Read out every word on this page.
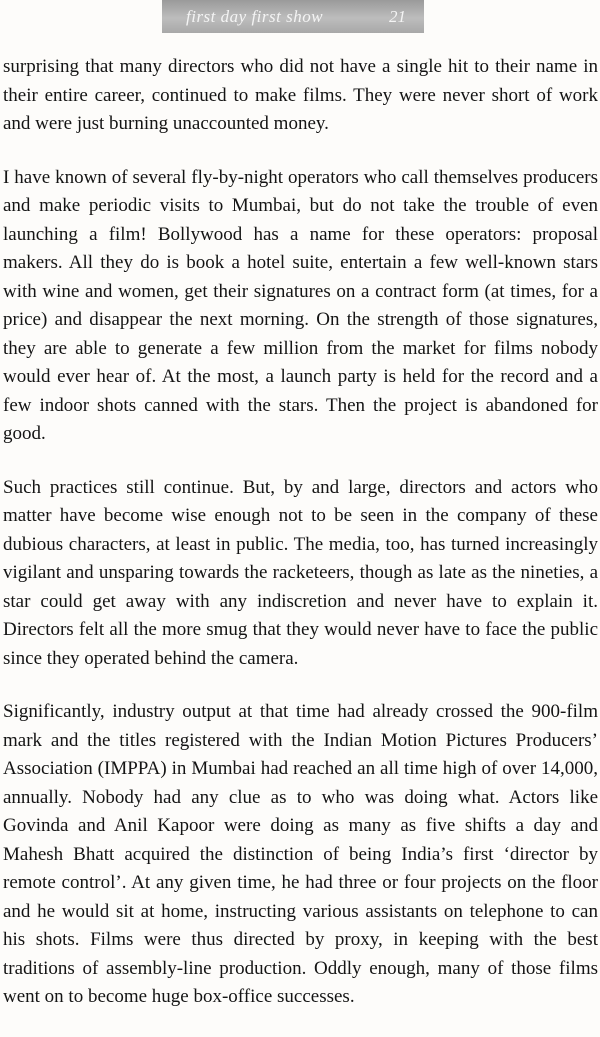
first day first show	21

surprising that many directors who did not have a single hit to their name in their entire career, continued to make films. They were never short of work and were just burning unaccounted money.

I have known of several fly-by-night operators who call themselves producers and make periodic visits to Mumbai, but do not take the trouble of even launching a film! Bollywood has a name for these operators: proposal makers. All they do is book a hotel suite, entertain a few well-known stars with wine and women, get their signatures on a contract form (at times, for a price) and disappear the next morning. On the strength of those signatures, they are able to generate a few million from the market for films nobody would ever hear of. At the most, a launch party is held for the record and a few indoor shots canned with the stars. Then the project is abandoned for good.

Such practices still continue. But, by and large, directors and actors who matter have become wise enough not to be seen in the company of these dubious characters, at least in public. The media, too, has turned increasingly vigilant and unsparing towards the racketeers, though as late as the nineties, a star could get away with any indiscretion and never have to explain it. Directors felt all the more smug that they would never have to face the public since they operated behind the camera.

Significantly, industry output at that time had already crossed the 900-film mark and the titles registered with the Indian Motion Pictures Producers’ Association (IMPPA) in Mumbai had reached an all time high of over 14,000, annually. Nobody had any clue as to who was doing what. Actors like Govinda and Anil Kapoor were doing as many as five shifts a day and Mahesh Bhatt acquired the distinction of being India’s first ‘director by remote control’. At any given time, he had three or four projects on the floor and he would sit at home, instructing various assistants on telephone to can his shots. Films were thus directed by proxy, in keeping with the best traditions of assembly-line production. Oddly enough, many of those films went on to become huge box-office successes.
